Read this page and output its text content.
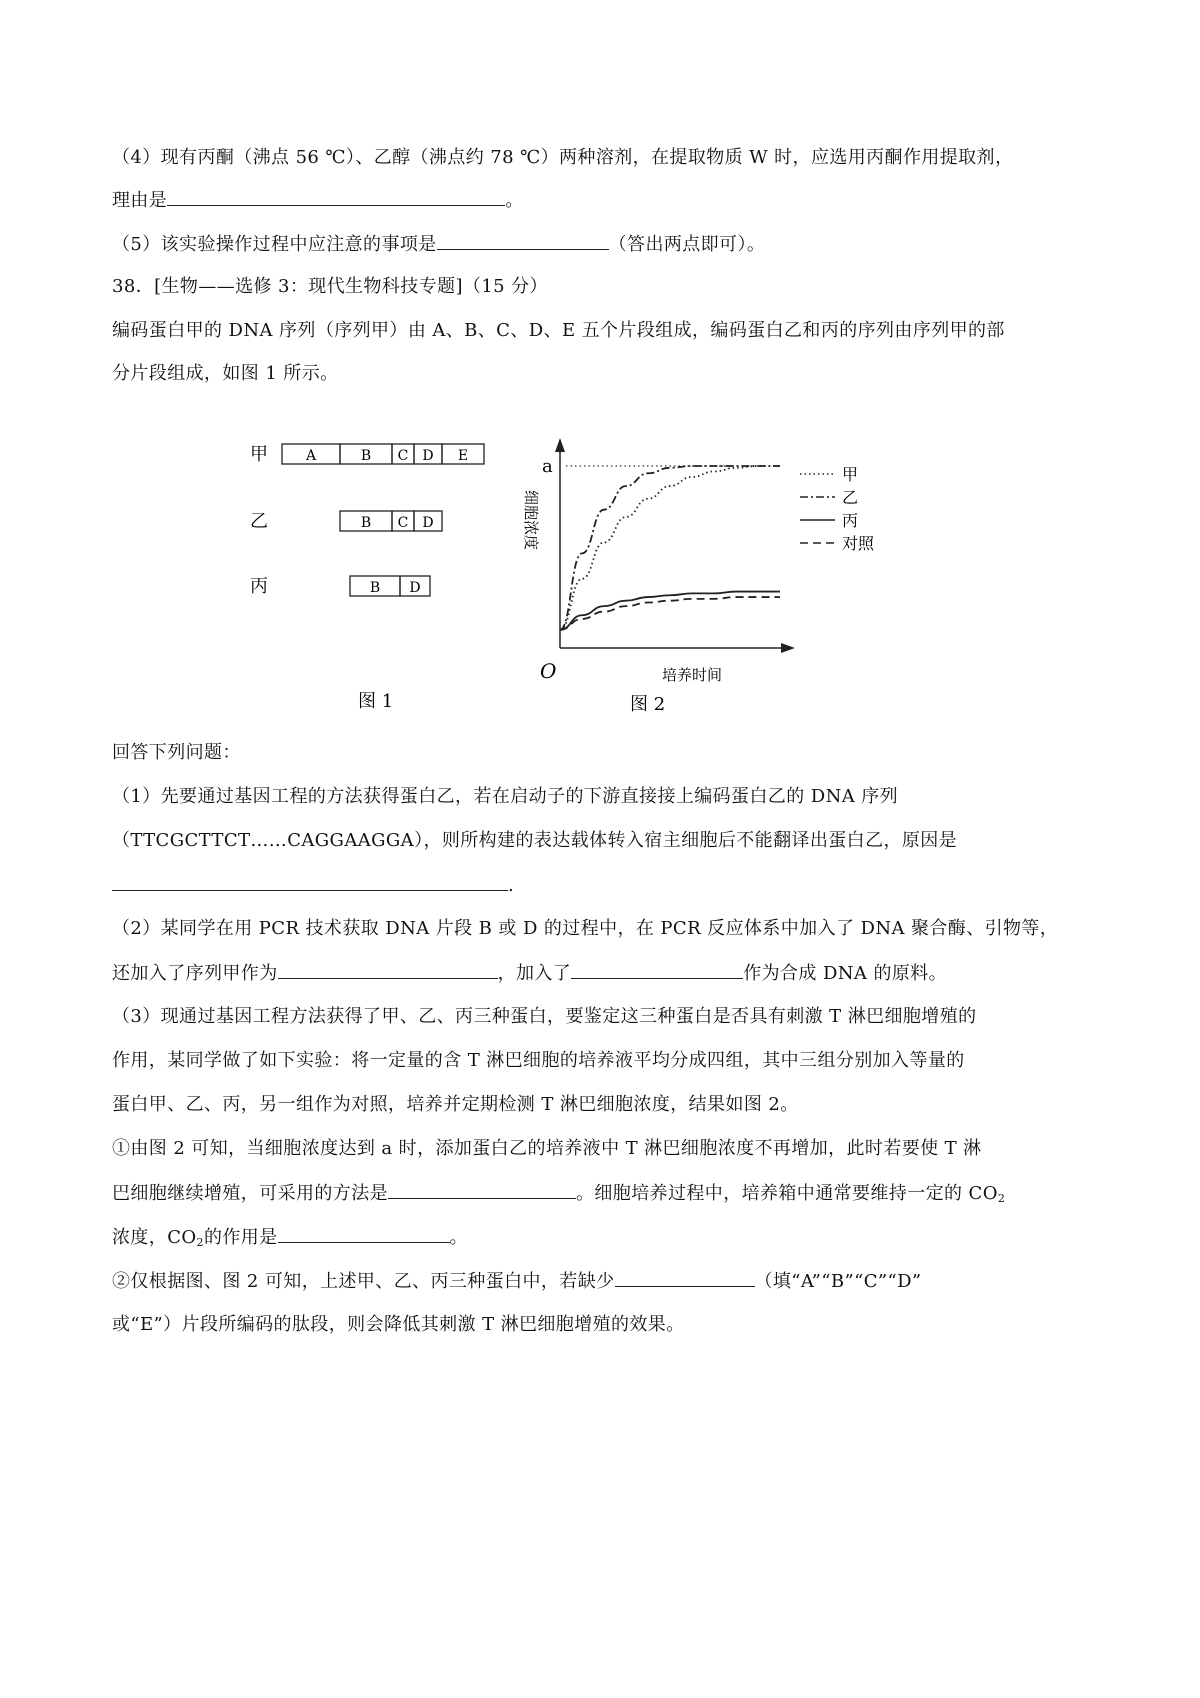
（4）现有丙酮（沸点 56 ℃）、乙醇（沸点约 78 ℃）两种溶剂，在提取物质 W 时，应选用丙酮作用提取剂，
理由是	。
（5）该实验操作过程中应注意的事项是	（答出两点即可）。
38．[生物——选修 3：现代生物科技专题]（15 分）
编码蛋白甲的 DNA 序列（序列甲）由 A、B、C、D、E 五个片段组成，编码蛋白乙和丙的序列由序列甲的部
分片段组成，如图 1 所示。
甲	A	B C D E
乙	B C D
丙	B D
图 1
a
O	培养时间
细胞浓度
甲
乙
丙
对照
图 2
回答下列问题：
（1）先要通过基因工程的方法获得蛋白乙，若在启动子的下游直接接上编码蛋白乙的 DNA 序列
（TTCGCTTCT……CAGGAAGGA），则所构建的表达载体转入宿主细胞后不能翻译出蛋白乙，原因是
.
（2）某同学在用 PCR 技术获取 DNA 片段 B 或 D 的过程中，在 PCR 反应体系中加入了 DNA 聚合酶、引物等，
还加入了序列甲作为	，加入了	作为合成 DNA 的原料。
（3）现通过基因工程方法获得了甲、乙、丙三种蛋白，要鉴定这三种蛋白是否具有刺激 T 淋巴细胞增殖的
作用，某同学做了如下实验：将一定量的含 T 淋巴细胞的培养液平均分成四组，其中三组分别加入等量的
蛋白甲、乙、丙，另一组作为对照，培养并定期检测 T 淋巴细胞浓度，结果如图 2。
①由图 2 可知，当细胞浓度达到 a 时，添加蛋白乙的培养液中 T 淋巴细胞浓度不再增加，此时若要使 T 淋
巴细胞继续增殖，可采用的方法是	。细胞培养过程中，培养箱中通常要维持一定的 $CO_2$
浓度，$CO_2$的作用是	。
②仅根据图、图 2 可知，上述甲、乙、丙三种蛋白中，若缺少	（填“A”“B”“C”“D”
或“E”）片段所编码的肽段，则会降低其刺激 T 淋巴细胞增殖的效果。
